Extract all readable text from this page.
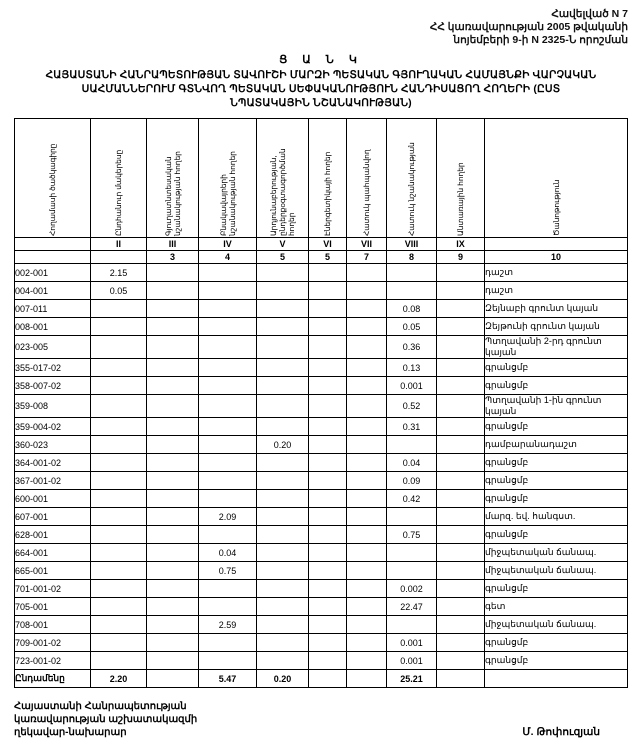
Հավելված N 7
ՀՀ կառավարության 2005 թվականի
նոյեմբերի 9-ի N 2325-Ն որոշման
Ց Ա Ն Կ
ՀԱՅԱՍՏԱՆԻ ՀԱՆՐԱՊԵՏՈՒԹՅԱՆ ՏԱՎՈՒՇԻ ՄԱՐԶԻ ՊԵՏԱԿԱՆ ԳՅՈՒՂԱԿԱՆ ՀԱՄԱՅՆՔԻ ՎԱՐՉԱԿԱՆ
ՍԱՀՄԱՆՆԵՐՈՒՄ ԳՏՆՎՈՂ ՊԵՏԱԿԱՆ ՍԵՓԱԿԱՆՈՒԹՅՈՒՆ ՀԱՆԴԻՍԱՑՈՂ ՀՈՂԵՐԻ (ԸՍՏ
ՆՊԱՏԱԿԱՅԻՆ ՆՇԱՆԱԿՈՒԹՅԱՆ)
Հողամասի ծածկագիրը	Ընդհանուր մակերեսը	Գյուղատնտեսական նշանակության հողեր	Բնակավայրերի նշանակության հողեր	Արդյունաբերության, ընդերքօգտագործման հողեր	Էներգետիկայի հողեր	Հատուկ պահպանվող	Հատուկ նշանակության	Անտառային հողեր	Ծանոթություն

	II	III	IV	V	VI	VII	VIII	IX	
		3	4	5	5	7	8	9	10
002-001	2.15								դաշտ
004-001	0.05								դաշտ
007-011							0.08		Զեյնաբի գրունտ կայան
008-001							0.05		Զեյթունի գրունտ կայան
023-005							0.36		Պտղավանի 2-րդ գրունտ կայան
355-017-02							0.13		գրանցմբ
358-007-02							0.001		գրանցմբ
359-008							0.52		Պտղավանի 1-ին գրունտ կայան
359-004-02							0.31		գրանցմբ
360-023				0.20					դամբարանադաշտ
364-001-02							0.04		գրանցմբ
367-001-02							0.09		գրանցմբ
600-001							0.42		գրանցմբ
607-001			2.09						մարզ. եվ. հանգստ.
628-001							0.75		գրանցմբ
664-001			0.04						միջպետական ճանապ.
665-001			0.75						միջպետական ճանապ.
701-001-02							0.002		գրանցմբ
705-001							22.47		գետ
708-001			2.59						միջպետական ճանապ.
709-001-02							0.001		գրանցմբ
723-001-02							0.001		գրանցմբ
Ընդամենը	2.20		5.47	0.20			25.21		
Հայաստանի Հանրապետության
կառավարության աշխատակազմի
ղեկավար-նախարար	Մ. Թոփուզյան
